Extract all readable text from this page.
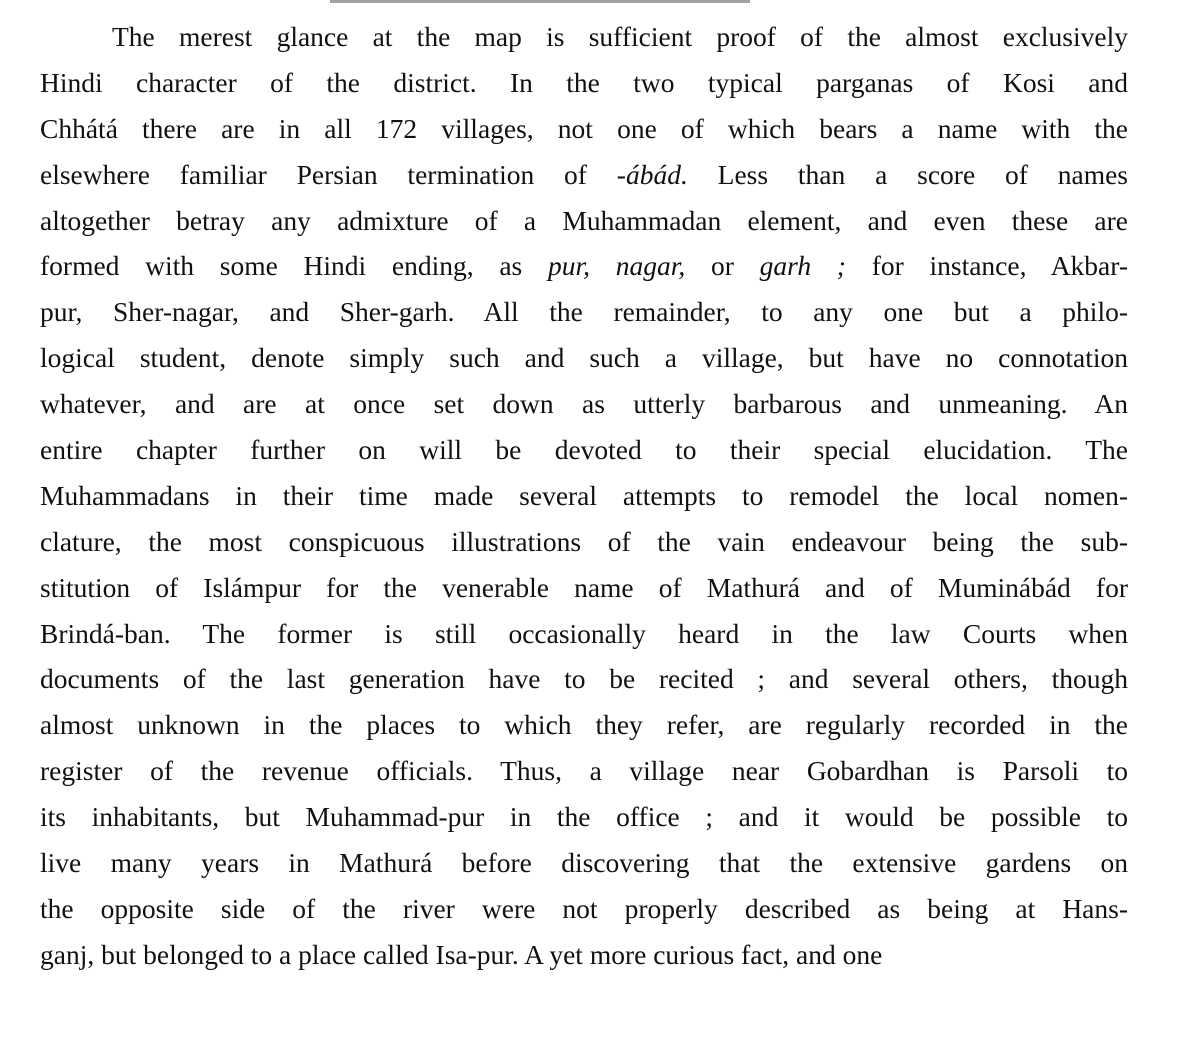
The merest glance at the map is sufficient proof of the almost exclusively
Hindi character of the district. In the two typical parganas of Kosi and
Chhátá there are in all 172 villages, not one of which bears a name with the
elsewhere familiar Persian termination of -ábád. Less than a score of names
altogether betray any admixture of a Muhammadan element, and even these are
formed with some Hindi ending, as pur, nagar, or garh ; for instance, Akbar-
pur, Sher-nagar, and Sher-garh. All the remainder, to any one but a philo-
logical student, denote simply such and such a village, but have no connotation
whatever, and are at once set down as utterly barbarous and unmeaning. An
entire chapter further on will be devoted to their special elucidation. The
Muhammadans in their time made several attempts to remodel the local nomen-
clature, the most conspicuous illustrations of the vain endeavour being the sub-
stitution of Islámpur for the venerable name of Mathurá and of Muminábád for
Brindá-ban. The former is still occasionally heard in the law Courts when
documents of the last generation have to be recited ; and several others, though
almost unknown in the places to which they refer, are regularly recorded in the
register of the revenue officials. Thus, a village near Gobardhan is Parsoli to
its inhabitants, but Muhammad-pur in the office ; and it would be possible to
live many years in Mathurá before discovering that the extensive gardens on
the opposite side of the river were not properly described as being at Hans-
ganj, but belonged to a place called Isa-pur. A yet more curious fact, and one
